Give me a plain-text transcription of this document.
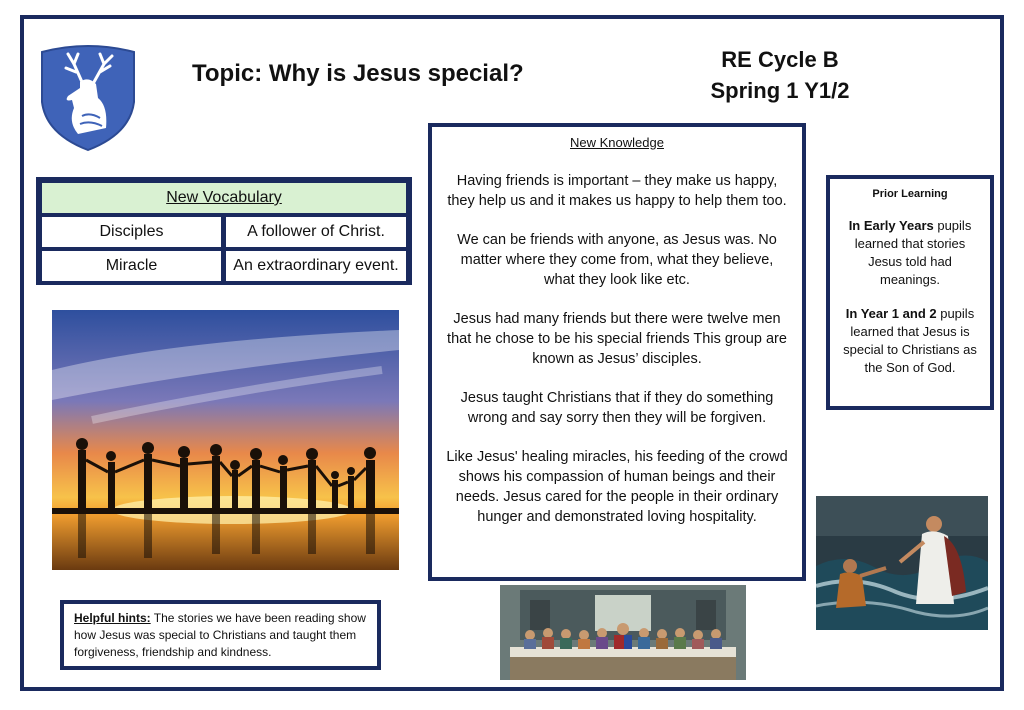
Topic: Why is Jesus special?
RE Cycle B
Spring 1 Y1/2
New Vocabulary
Disciples	A follower of Christ.
Miracle	An extraordinary event.
Helpful hints: The stories we have been reading show how Jesus was special to Christians and taught them forgiveness, friendship and kindness.

New Knowledge

Having friends is important – they make us happy, they help us and it makes us happy to help them too.

We can be friends with anyone, as Jesus was. No matter where they come from, what they believe, what they look like etc.

Jesus had many friends but there were twelve men that he chose to be his special friends This group are known as Jesus’ disciples.

Jesus taught Christians that if they do something wrong and say sorry then they will be forgiven.

Like Jesus' healing miracles, his feeding of the crowd shows his compassion of human beings and their needs. Jesus cared for the people in their ordinary hunger and demonstrated loving hospitality.

Prior Learning

In Early Years pupils learned that stories Jesus told had meanings.

In Year 1 and 2 pupils learned that Jesus is special to Christians as the Son of God.
